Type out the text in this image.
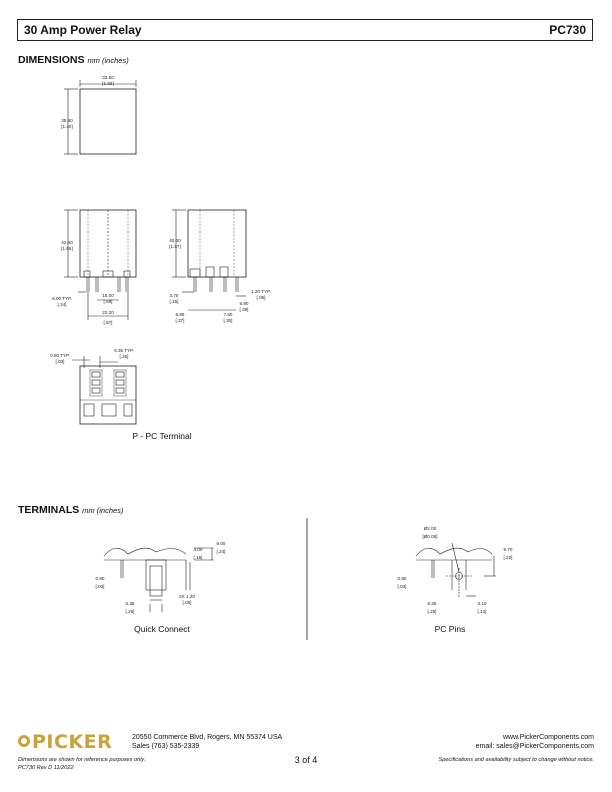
30 Amp Power Relay	PC730
DIMENSIONS mm (inches)
TERMINALS mm (inches)
33.50
[1.32]
35.60
[1.40]
42.00
[1.65]
6.00 TYP.
[.24]
15.00
[.59]
22.20
[.87]
40.00
[1.57]
3.70
[.15]
6.86
[.27]
7.50
[.30]
9.90
[.39]
1.20 TYP.
[.05]
0.80 TYP.
[.03]
6.35 TYP.
[.25]
6.00
[.24]
4.00
[.16]
0.80
[.03]
2X 1.20
[.05]
6.35
[.25]
Ø2.00
[Ø0.08]
5.70
[.22]
0.80
[.03]
6.35
[.25]
3.10
[.12]
P - PC Terminal
Quick Connect	PC Pins
PICKER	20550 Commerce Blvd, Rogers, MN 55374 USA
Sales (763) 535-2339
www.PickerComponents.com
email: sales@PickerComponents.com
3 of 4
Dimensions are shown for reference purposes only.
PC730 Rev D 11/2022
Specifications and availability subject to change without notice.
